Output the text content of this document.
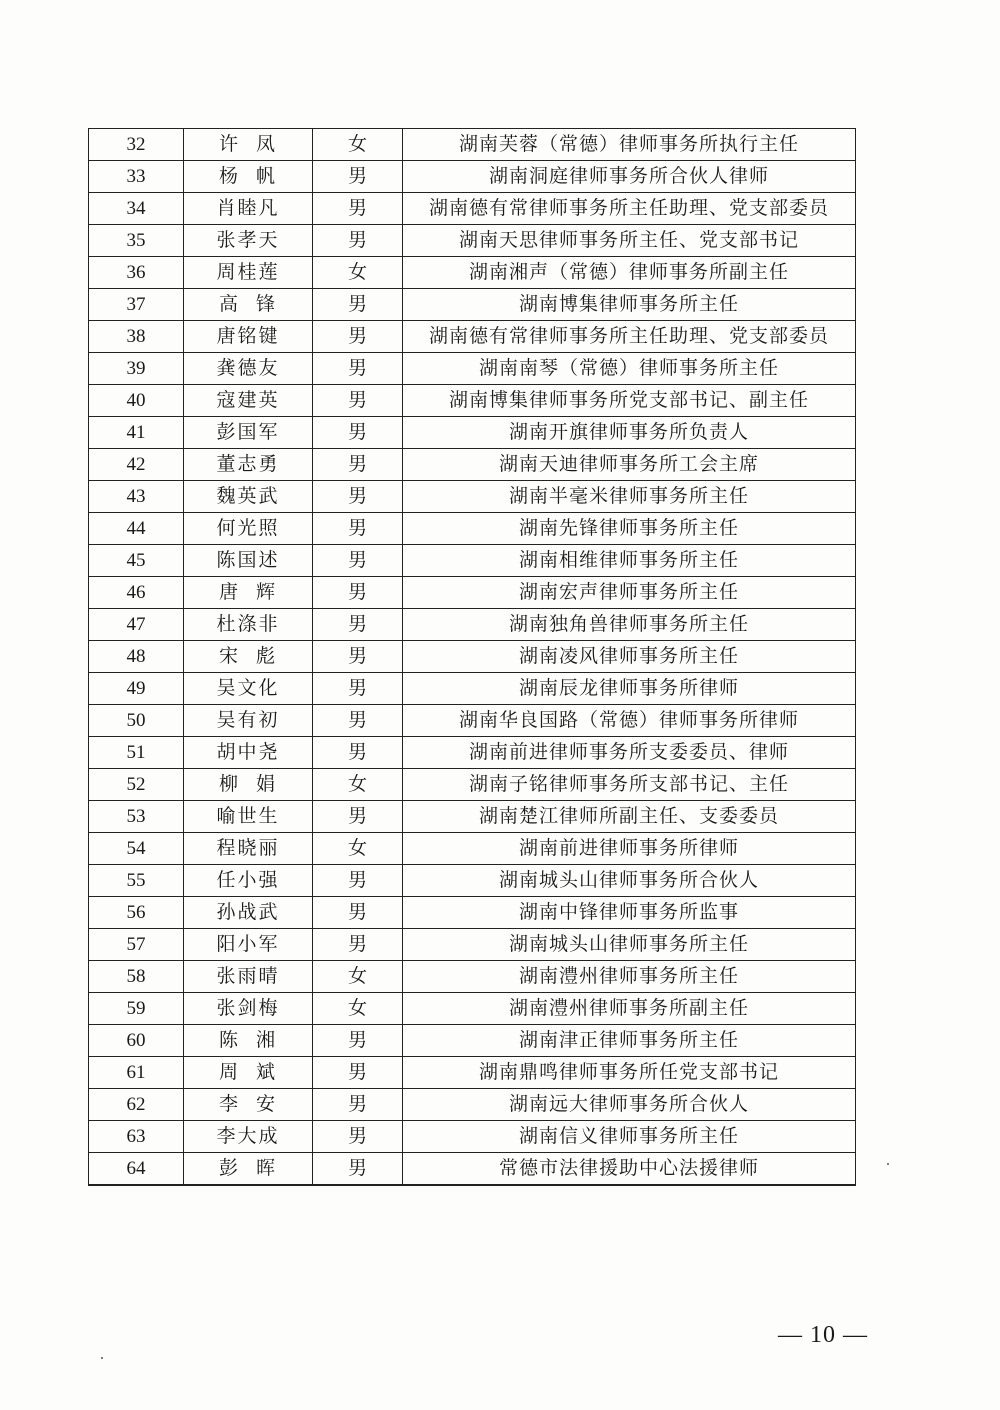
32	许  凤	女	湖南芙蓉（常德）律师事务所执行主任
33	杨  帆	男	湖南洞庭律师事务所合伙人律师
34	肖睦凡	男	湖南德有常律师事务所主任助理、党支部委员
35	张孝天	男	湖南天思律师事务所主任、党支部书记
36	周桂莲	女	湖南湘声（常德）律师事务所副主任
37	高  锋	男	湖南博集律师事务所主任
38	唐铭键	男	湖南德有常律师事务所主任助理、党支部委员
39	龚德友	男	湖南南琴（常德）律师事务所主任
40	寇建英	男	湖南博集律师事务所党支部书记、副主任
41	彭国军	男	湖南开旗律师事务所负责人
42	董志勇	男	湖南天迪律师事务所工会主席
43	魏英武	男	湖南半毫米律师事务所主任
44	何光照	男	湖南先锋律师事务所主任
45	陈国述	男	湖南相维律师事务所主任
46	唐  辉	男	湖南宏声律师事务所主任
47	杜涤非	男	湖南独角兽律师事务所主任
48	宋  彪	男	湖南凌风律师事务所主任
49	吴文化	男	湖南辰龙律师事务所律师
50	吴有初	男	湖南华良国路（常德）律师事务所律师
51	胡中尧	男	湖南前进律师事务所支委委员、律师
52	柳  娟	女	湖南子铭律师事务所支部书记、主任
53	喻世生	男	湖南楚江律师所副主任、支委委员
54	程晓丽	女	湖南前进律师事务所律师
55	任小强	男	湖南城头山律师事务所合伙人
56	孙战武	男	湖南中锋律师事务所监事
57	阳小军	男	湖南城头山律师事务所主任
58	张雨晴	女	湖南澧州律师事务所主任
59	张剑梅	女	湖南澧州律师事务所副主任
60	陈  湘	男	湖南津正律师事务所主任
61	周  斌	男	湖南鼎鸣律师事务所任党支部书记
62	李  安	男	湖南远大律师事务所合伙人
63	李大成	男	湖南信义律师事务所主任
64	彭  晖	男	常德市法律援助中心法援律师
— 10 —
